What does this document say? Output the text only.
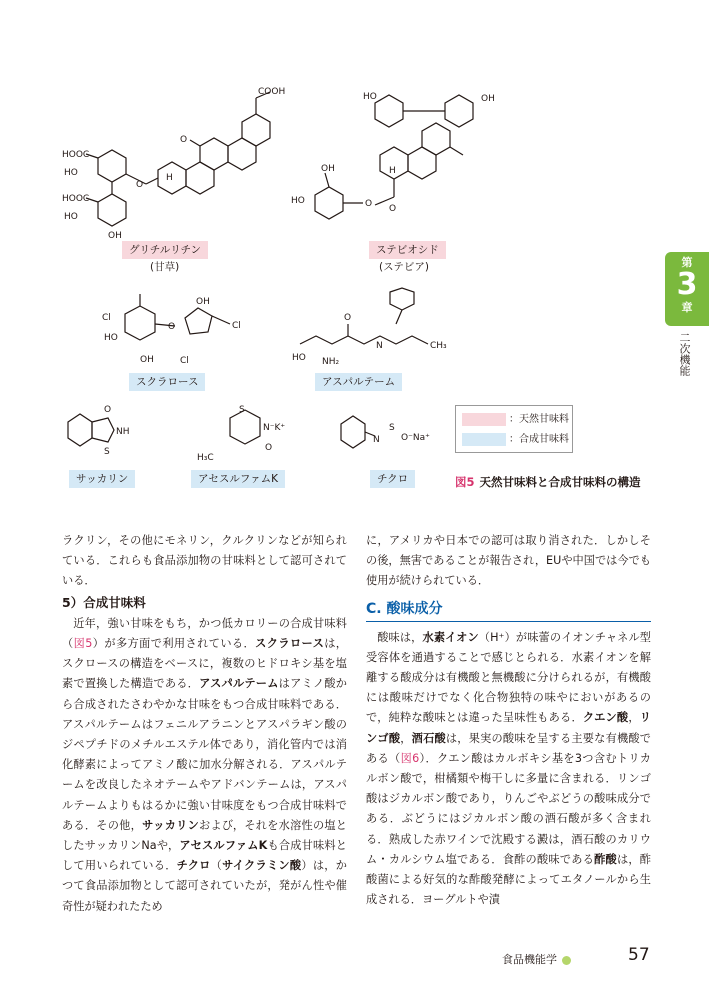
COOH
O
O
HOOC
HOOC
HO
HO
OH
H
グリチルリチン
(甘草)
OH
HO
HO
OH
O O
H
ステビオシド
(ステビア)
Cl
Cl
Cl
HO
OH
OH
O
スクラロース
HO NH₂
N	CH₃
O
アスパルテーム
O
NH
S
サッカリン
S
N⁻K⁺
H₃C
O
アセスルファムK
N
S
O⁻Na⁺
チクロ
：天然甘味料
：合成甘味料
図5 天然甘味料と合成甘味料の構造
第
3
章
二次機能

ラクリン，その他にモネリン，クルクリンなどが知られている．これらも食品添加物の甘味料として認可されている．

5）合成甘味料

近年，強い甘味をもち，かつ低カロリーの合成甘味料（図5）が多方面で利用されている．スクラロースは，スクロースの構造をベースに，複数のヒドロキシ基を塩素で置換した構造である．アスパルテームはアミノ酸から合成されたさわやかな甘味をもつ合成甘味料である．アスパルテームはフェニルアラニンとアスパラギン酸のジペプチドのメチルエステル体であり，消化管内では消化酵素によってアミノ酸に加水分解される．アスパルテームを改良したネオテームやアドバンテームは，アスパルテームよりもはるかに強い甘味度をもつ合成甘味料である．その他，サッカリンおよび，それを水溶性の塩としたサッカリンNaや，アセスルファムKも合成甘味料として用いられている．チクロ（サイクラミン酸）は，かつて食品添加物として認可されていたが，発がん性や催奇性が疑われたため

に，アメリカや日本での認可は取り消された．しかしその後，無害であることが報告され，EUや中国では今でも使用が続けられている．

C. 酸味成分

酸味は，水素イオン（H⁺）が味蕾のイオンチャネル型受容体を通過することで感じとられる．水素イオンを解離する酸成分は有機酸と無機酸に分けられるが，有機酸には酸味だけでなく化合物独特の味やにおいがあるので，純粋な酸味とは違った呈味性もある．クエン酸，リンゴ酸，酒石酸は，果実の酸味を呈する主要な有機酸である（図6）．クエン酸はカルボキシ基を3つ含むトリカルボン酸で，柑橘類や梅干しに多量に含まれる．リンゴ酸はジカルボン酸であり，りんごやぶどうの酸味成分である．ぶどうにはジカルボン酸の酒石酸が多く含まれる．熟成した赤ワインで沈殿する澱は，酒石酸のカリウム・カルシウム塩である．食酢の酸味である酢酸は，酢酸菌による好気的な酢酸発酵によってエタノールから生成される．ヨーグルトや漬

食品機能学	57
